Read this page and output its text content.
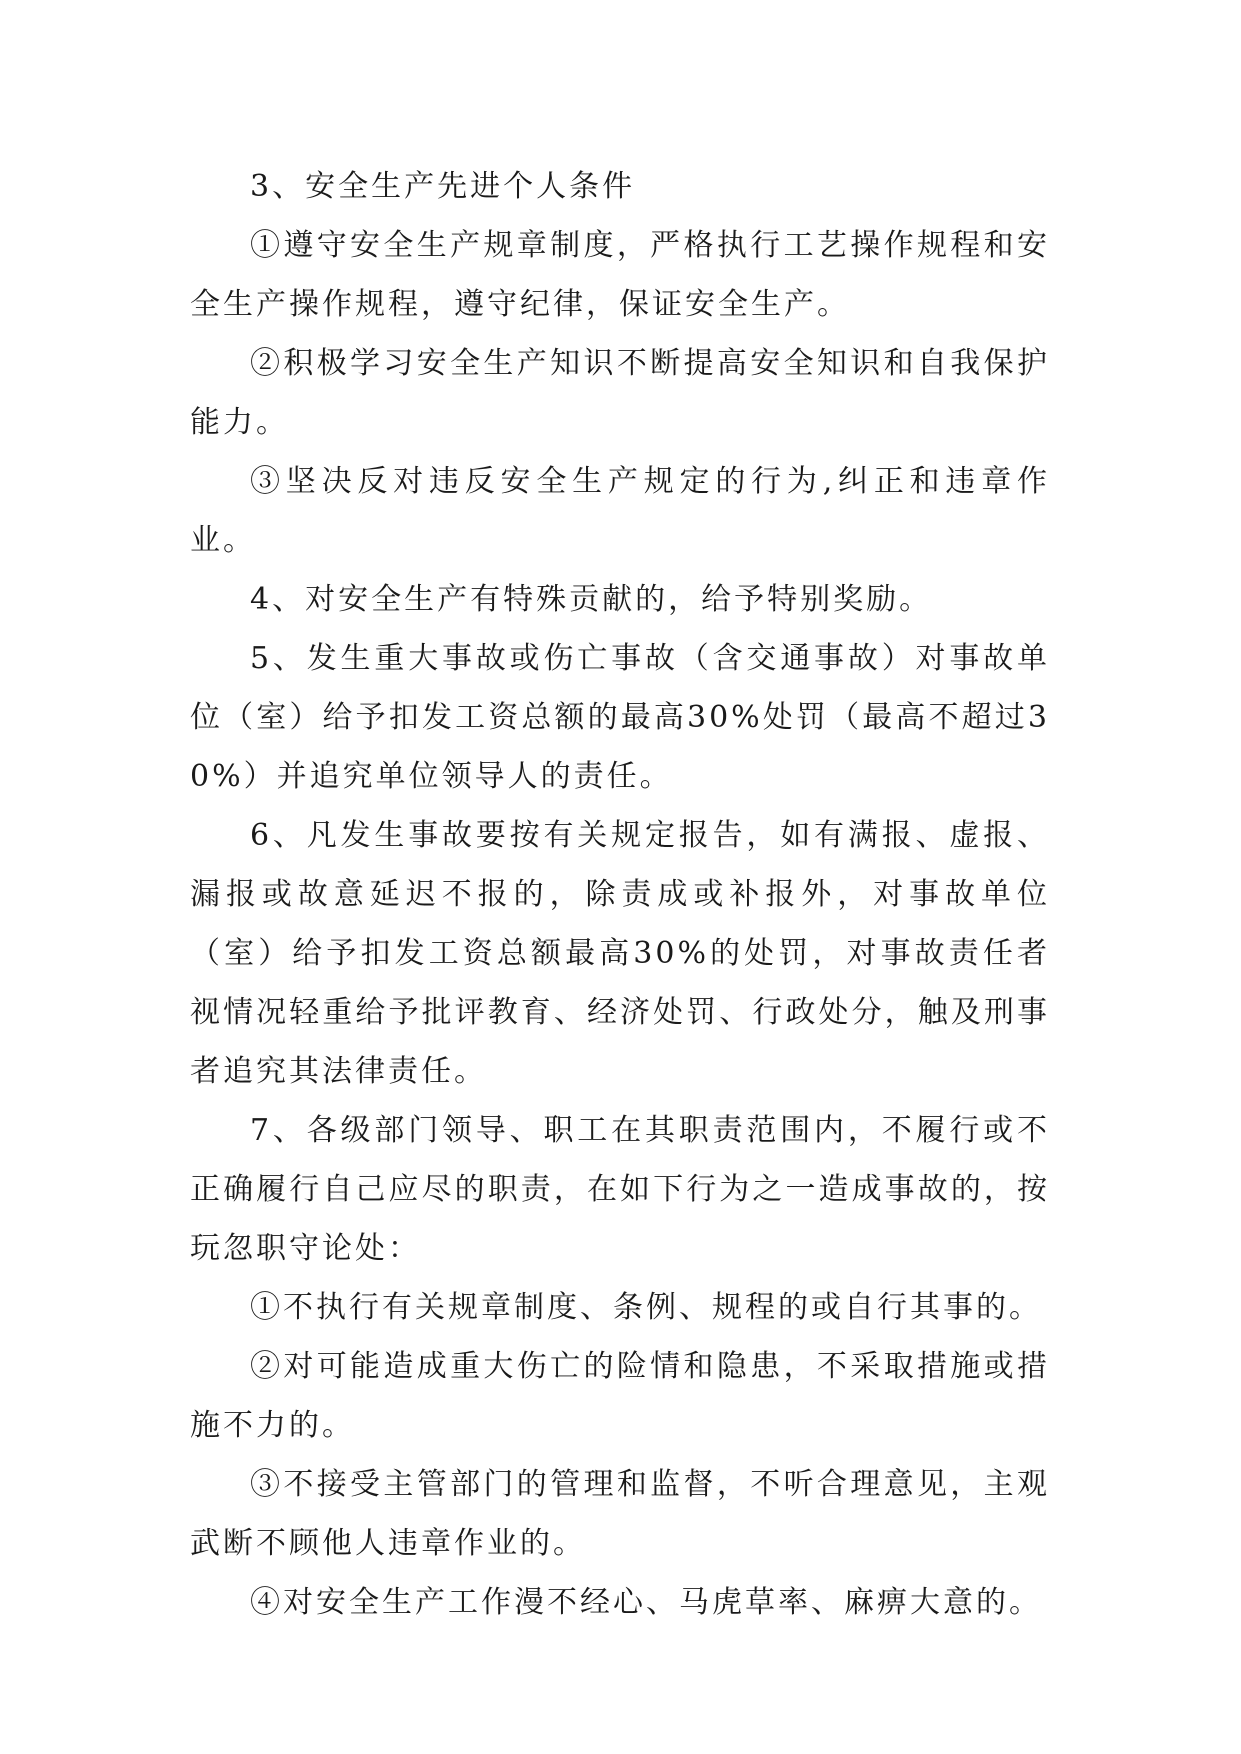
3、安全生产先进个人条件

①遵守安全生产规章制度，严格执行工艺操作规程和安全生产操作规程，遵守纪律，保证安全生产。

②积极学习安全生产知识不断提高安全知识和自我保护能力。

③坚决反对违反安全生产规定的行为,纠正和违章作业。

4、对安全生产有特殊贡献的，给予特别奖励。

5、发生重大事故或伤亡事故（含交通事故）对事故单位（室）给予扣发工资总额的最高30%处罚（最高不超过30%）并追究单位领导人的责任。

6、凡发生事故要按有关规定报告，如有满报、虚报、漏报或故意延迟不报的，除责成或补报外，对事故单位（室）给予扣发工资总额最高30%的处罚，对事故责任者视情况轻重给予批评教育、经济处罚、行政处分，触及刑事者追究其法律责任。

7、各级部门领导、职工在其职责范围内，不履行或不正确履行自己应尽的职责，在如下行为之一造成事故的，按玩忽职守论处：

①不执行有关规章制度、条例、规程的或自行其事的。

②对可能造成重大伤亡的险情和隐患，不采取措施或措施不力的。

③不接受主管部门的管理和监督，不听合理意见，主观武断不顾他人违章作业的。

④对安全生产工作漫不经心、马虎草率、麻痹大意的。
